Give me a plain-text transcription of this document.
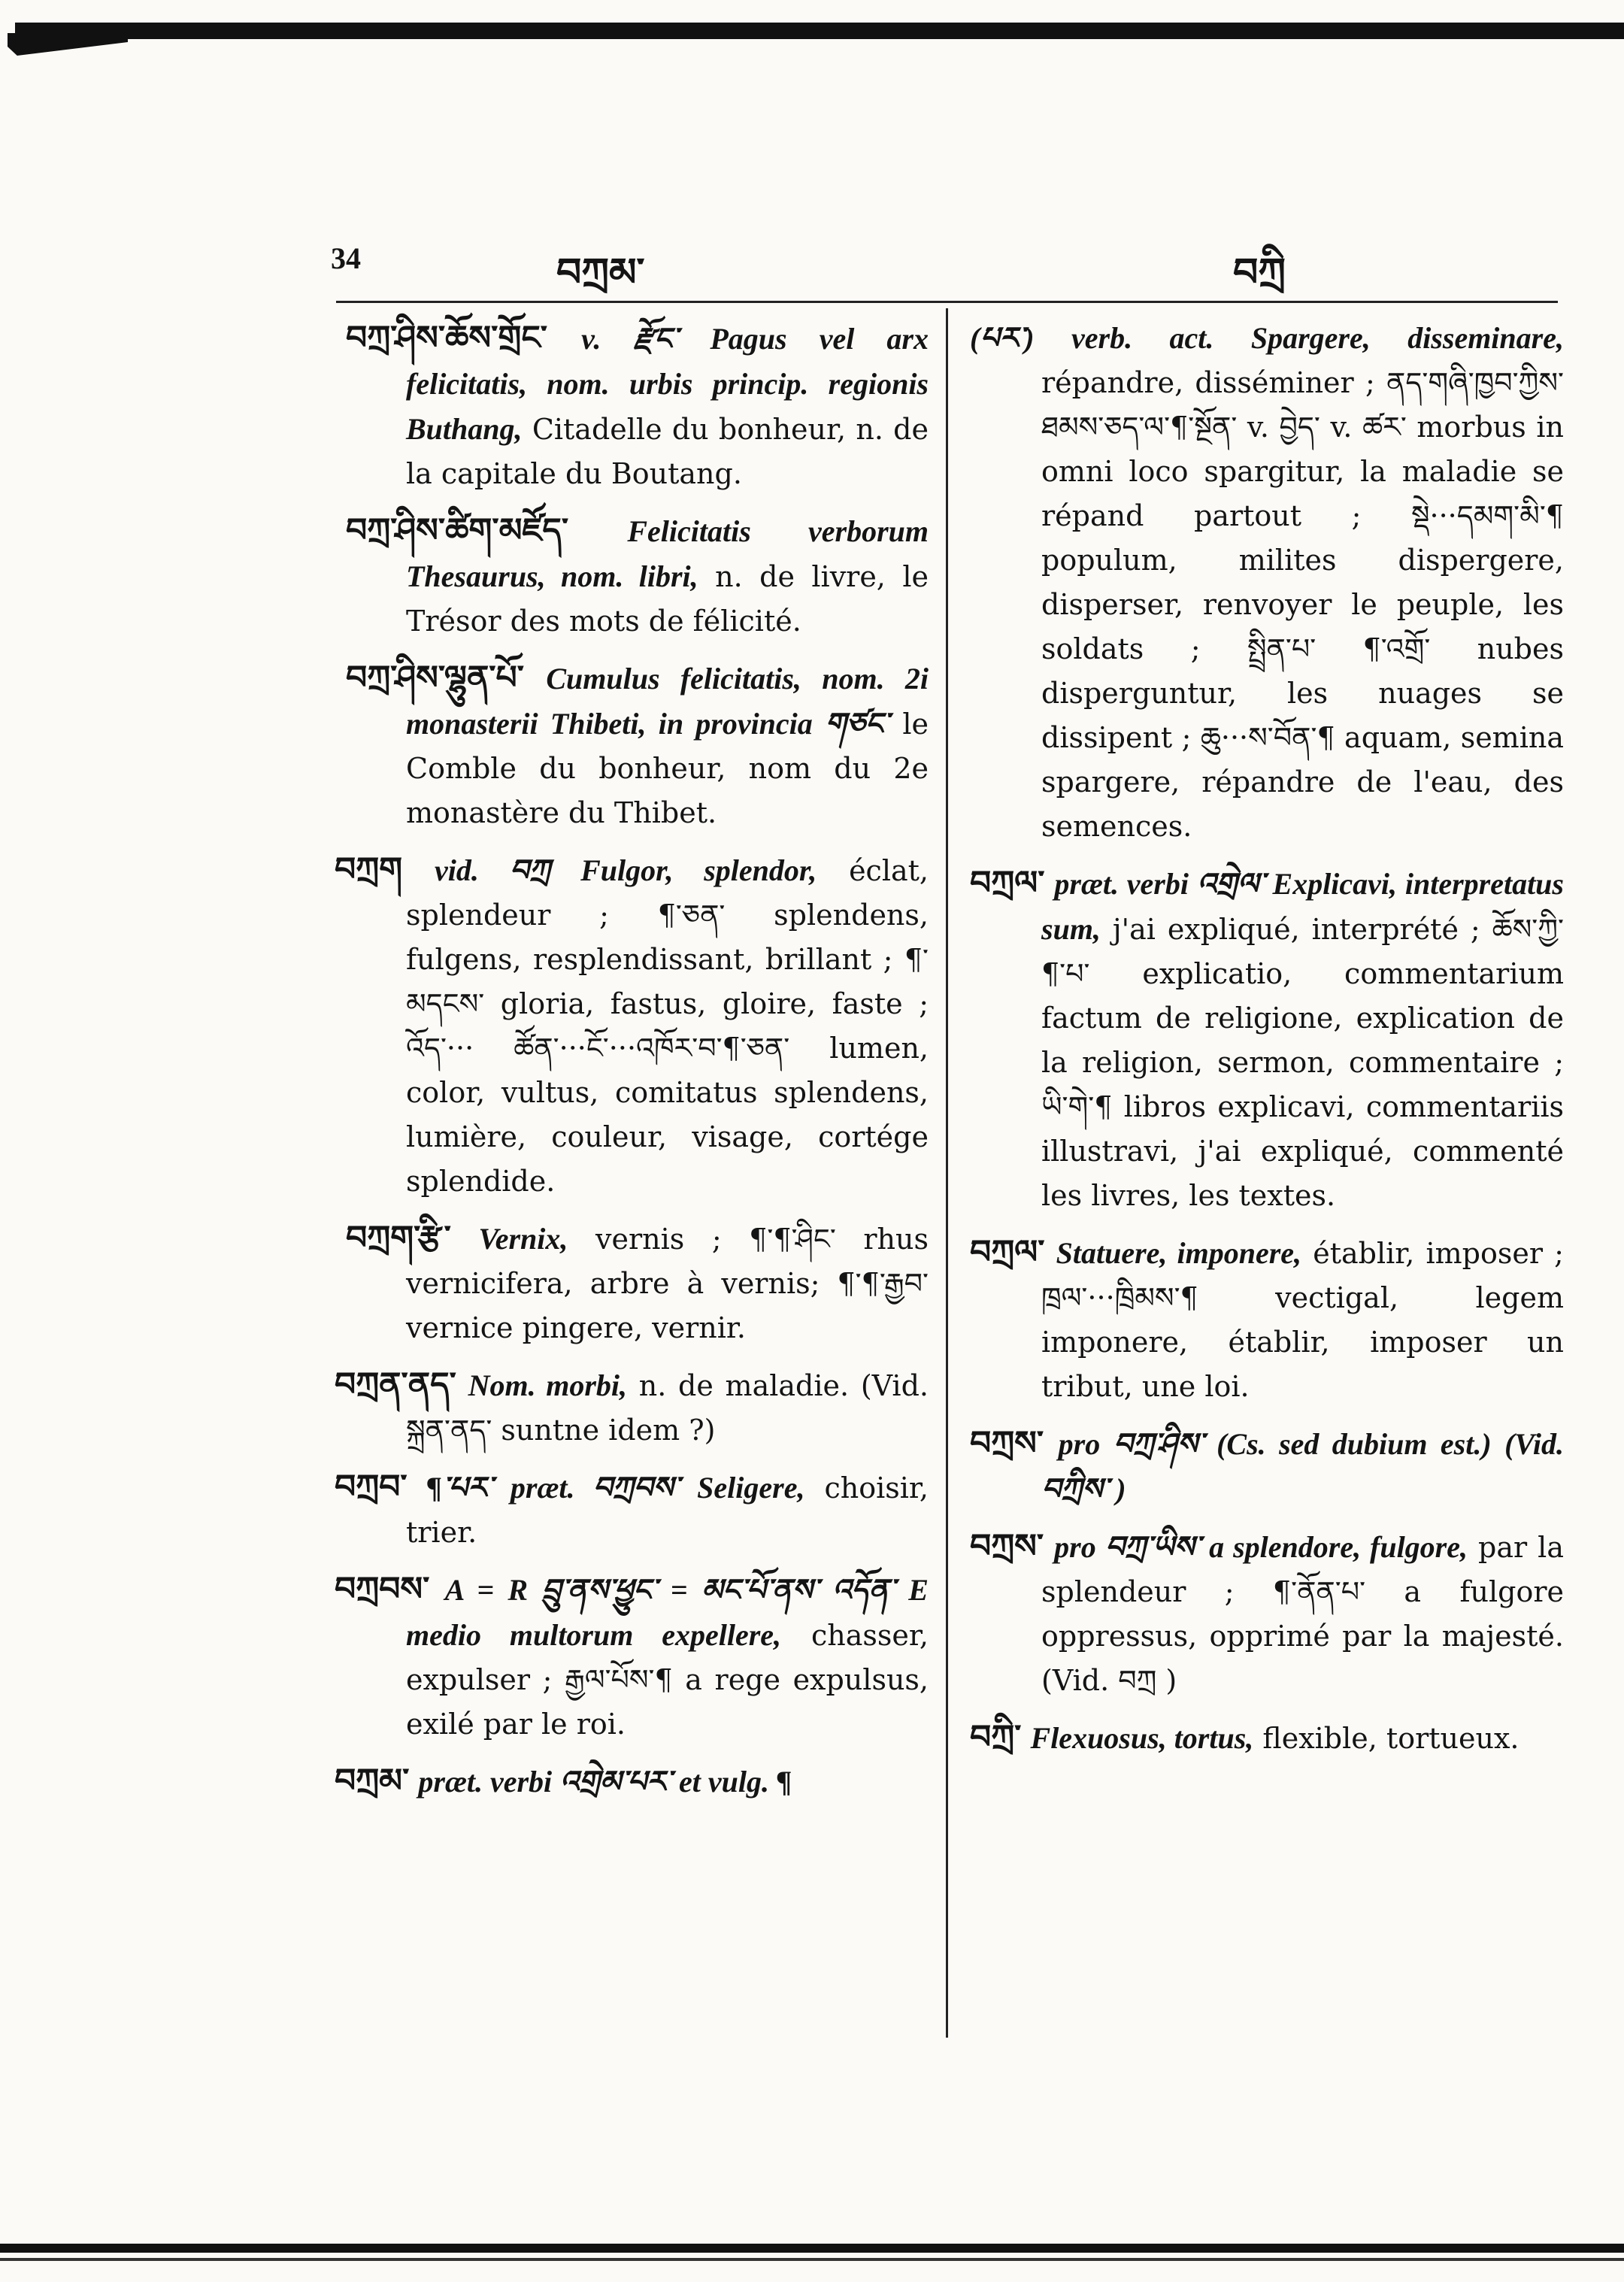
34	བཀྲམ་	བཀྲི
བཀྲ་ཤིས་ཆོས་གྲོང་ v. རྫོང་ Pagus vel arx felicitatis, nom. urbis princip. regionis Buthang, Citadelle du bonheur, n. de la capitale du Boutang.
བཀྲ་ཤིས་ཚིག་མཛོད་ Felicitatis verborum Thesaurus, nom. libri, n. de livre, le Trésor des mots de félicité.
བཀྲ་ཤིས་ལྷུན་པོ་ Cumulus felicitatis, nom. 2i monasterii Thibeti, in provincia གཙང་ le Comble du bonheur, nom du 2e monastère du Thibet.
བཀྲག vid. བཀྲ Fulgor, splendor, éclat, splendeur ; ¶་ཅན་ splendens, fulgens, resplendissant, brillant ; ¶་མདངས་ gloria, fastus, gloire, faste ; འོད་··· ཚོན་···ངོ་···འཁོར་བ་¶་ཅན་ lumen, color, vultus, comitatus splendens, lumière, couleur, visage, cortége splendide.
བཀྲག་རྩི་ Vernix, vernis ; ¶་¶་ཤིང་ rhus vernicifera, arbre à vernis; ¶་¶་རྒྱབ་ vernice pingere, vernir.
བཀྲན་ནད་ Nom. morbi, n. de maladie. (Vid. སྐྲན་ནད་ suntne idem ?)
བཀྲབ་ ¶་པར་ præt. བཀྲབས་ Seligere, choisir, trier.
བཀྲབས་ A = R བྲུ་ནས་ཕྱུང་ = མང་པོ་ནས་ འདོན་ E medio multorum expellere, chasser, expulser ; རྒྱལ་པོས་¶ a rege expulsus, exilé par le roi.
བཀྲམ་ præt. verbi འགྲེམ་པར་ et vulg. ¶
(པར་) verb. act. Spargere, disseminare, répandre, disséminer ; ནད་གཞི་ཁྱབ་ཀྱིས་ ཐམས་ཅད་ལ་¶་སྔོན་ v. བྱེད་ v. ཚར་ morbus in omni loco spargitur, la maladie se répand partout ; སྡེ···དམག་མི་¶ populum, milites dispergere, disperser, renvoyer le peuple, les soldats ; སྤྲིན་པ་ ¶་འགྲོ་ nubes disperguntur, les nuages se dissipent ; ཆུ···ས་བོན་¶ aquam, semina spargere, répandre de l'eau, des semences.
བཀྲལ་ præt. verbi འགྲེལ་ Explicavi, interpretatus sum, j'ai expliqué, interprété ; ཆོས་ཀྱི་¶་པ་ explicatio, commentarium factum de religione, explication de la religion, sermon, commentaire ; ཡི་གེ་¶ libros explicavi, commentariis illustravi, j'ai expliqué, commenté les livres, les textes.
བཀྲལ་ Statuere, imponere, établir, imposer ; ཁྲལ་···ཁྲིམས་¶ vectigal, legem imponere, établir, imposer un tribut, une loi.
བཀྲས་ pro བཀྲ་ཤིས་ (Cs. sed dubium est.) (Vid. བཀྲིས་ )
བཀྲས་ pro བཀྲ་ཡིས་ a splendore, fulgore, par la splendeur ; ¶་ནོན་པ་ a fulgore oppressus, opprimé par la majesté. (Vid. བཀྲ )
བཀྲི་ Flexuosus, tortus, flexible, tortueux.
